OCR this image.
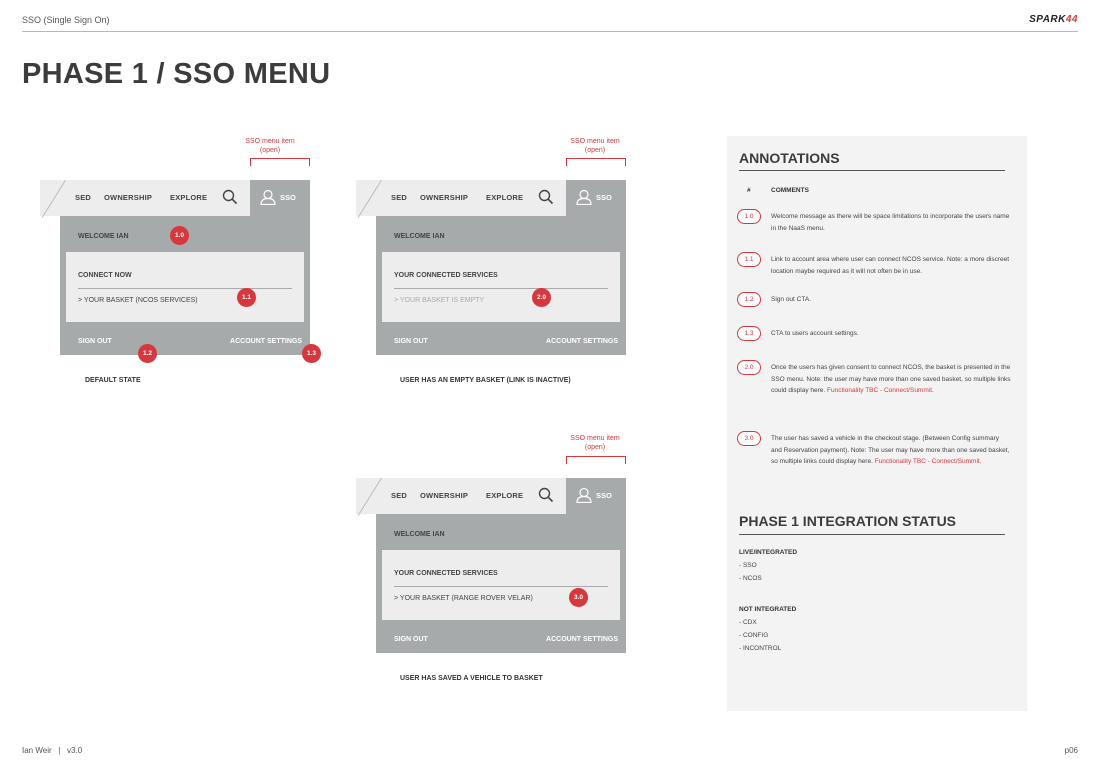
SSO (Single Sign On)	SPARK44
PHASE 1 / SSO MENU
SSO menu item
(open)
SED OWNERSHIP EXPLORE	SSO
WELCOME IAN
CONNECT NOW
> YOUR BASKET (NCOS SERVICES)
SIGN OUT	ACCOUNT SETTINGS
1.0
1.1
1.2	1.3
DEFAULT STATE
SSO menu item
(open)
SED OWNERSHIP EXPLORE	SSO
WELCOME IAN
YOUR CONNECTED SERVICES
> YOUR BASKET IS EMPTY
SIGN OUT	ACCOUNT SETTINGS
2.0
USER HAS AN EMPTY BASKET (LINK IS INACTIVE)
SSO menu item
(open)
SED OWNERSHIP EXPLORE	SSO
WELCOME IAN
YOUR CONNECTED SERVICES
> YOUR BASKET (RANGE ROVER VELAR)
SIGN OUT	ACCOUNT SETTINGS
3.0
USER HAS SAVED A VEHICLE TO BASKET
ANNOTATIONS
#	COMMENTS
1.0	Welcome message as there will be space limitations to incorporate the users name in the NaaS menu.
1.1	Link to account area where user can connect NCOS service. Note: a more discreet location maybe required as it will not often be in use.
1.2	Sign out CTA.
1.3	CTA to users account settings.
2.0	Once the users has given consent to connect NCOS, the basket is presented in the SSO menu. Note: the user may have more than one saved basket, so multiple links could display here. Functionality TBC - Connect/Summit.
3.0	The user has saved a vehicle in the checkout stage. (Between Config summary and Reservation payment). Note: The user may have more than one saved basket, so multiple links could display here. Functionality TBC - Connect/Summit.
PHASE 1 INTEGRATION STATUS
LIVE/INTEGRATED
- SSO
- NCOS
NOT INTEGRATED
- CDX
- CONFIG
- INCONTROL
Ian Weir   |   v3.0	p06
